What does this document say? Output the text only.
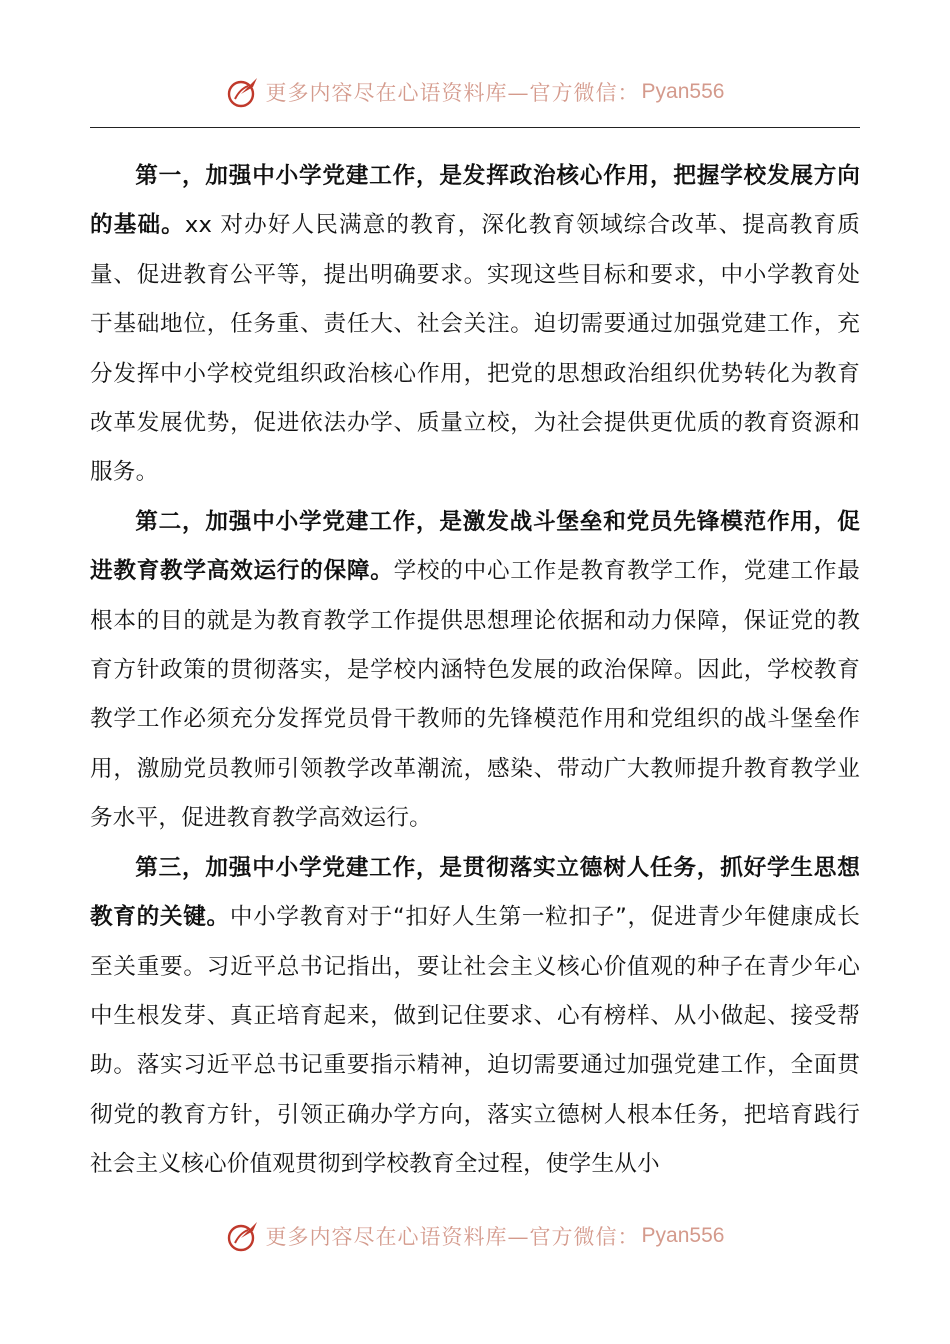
更多内容尽在心语资料库—官方微信： Pyan556

第一，加强中小学党建工作，是发挥政治核心作用，把握学校发展方向的基础。xx 对办好人民满意的教育，深化教育领域综合改革、提高教育质量、促进教育公平等，提出明确要求。实现这些目标和要求，中小学教育处于基础地位，任务重、责任大、社会关注。迫切需要通过加强党建工作，充分发挥中小学校党组织政治核心作用，把党的思想政治组织优势转化为教育改革发展优势，促进依法办学、质量立校，为社会提供更优质的教育资源和服务。

第二，加强中小学党建工作，是激发战斗堡垒和党员先锋模范作用，促进教育教学高效运行的保障。学校的中心工作是教育教学工作，党建工作最根本的目的就是为教育教学工作提供思想理论依据和动力保障，保证党的教育方针政策的贯彻落实，是学校内涵特色发展的政治保障。因此，学校教育教学工作必须充分发挥党员骨干教师的先锋模范作用和党组织的战斗堡垒作用，激励党员教师引领教学改革潮流，感染、带动广大教师提升教育教学业务水平，促进教育教学高效运行。

第三，加强中小学党建工作，是贯彻落实立德树人任务，抓好学生思想教育的关键。中小学教育对于“扣好人生第一粒扣子”，促进青少年健康成长至关重要。习近平总书记指出，要让社会主义核心价值观的种子在青少年心中生根发芽、真正培育起来，做到记住要求、心有榜样、从小做起、接受帮助。落实习近平总书记重要指示精神，迫切需要通过加强党建工作，全面贯彻党的教育方针，引领正确办学方向，落实立德树人根本任务，把培育践行社会主义核心价值观贯彻到学校教育全过程，使学生从小

更多内容尽在心语资料库—官方微信： Pyan556
